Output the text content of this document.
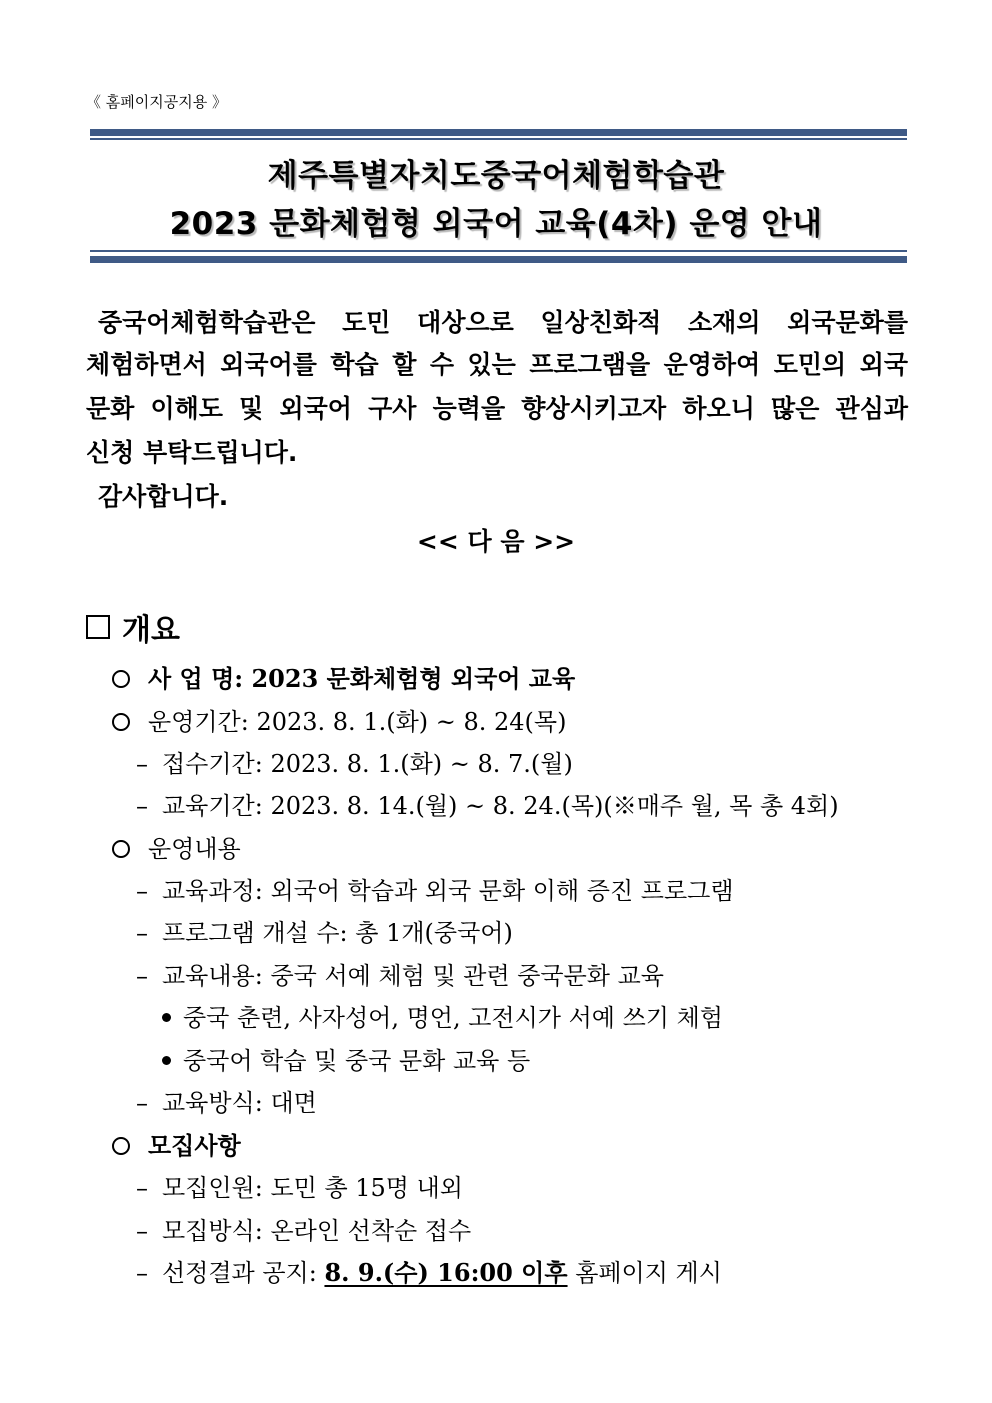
《 홈페이지공지용 》
제주특별자치도중국어체험학습관
2023 문화체험형 외국어 교육(4차) 운영 안내
중국어체험학습관은 도민 대상으로 일상친화적 소재의 외국문화를
체험하면서 외국어를 학습 할 수 있는 프로그램을 운영하여 도민의 외국
문화 이해도 및 외국어 구사 능력을 향상시키고자 하오니 많은 관심과
신청 부탁드립니다.
감사합니다.
<< 다 음 >>
개요
사 업 명: 2023 문화체험형 외국어 교육
운영기간: 2023. 8. 1.(화) ~ 8. 24(목)
– 접수기간: 2023. 8. 1.(화) ~ 8. 7.(월)
– 교육기간: 2023. 8. 14.(월) ~ 8. 24.(목)(※매주 월, 목 총 4회)
운영내용
– 교육과정: 외국어 학습과 외국 문화 이해 증진 프로그램
– 프로그램 개설 수: 총 1개(중국어)
– 교육내용: 중국 서예 체험 및 관련 중국문화 교육
중국 춘련, 사자성어, 명언, 고전시가 서예 쓰기 체험
중국어 학습 및 중국 문화 교육 등
– 교육방식: 대면
모집사항
– 모집인원: 도민 총 15명 내외
– 모집방식: 온라인 선착순 접수
– 선정결과 공지: 8. 9.(수) 16:00 이후 홈페이지 게시
